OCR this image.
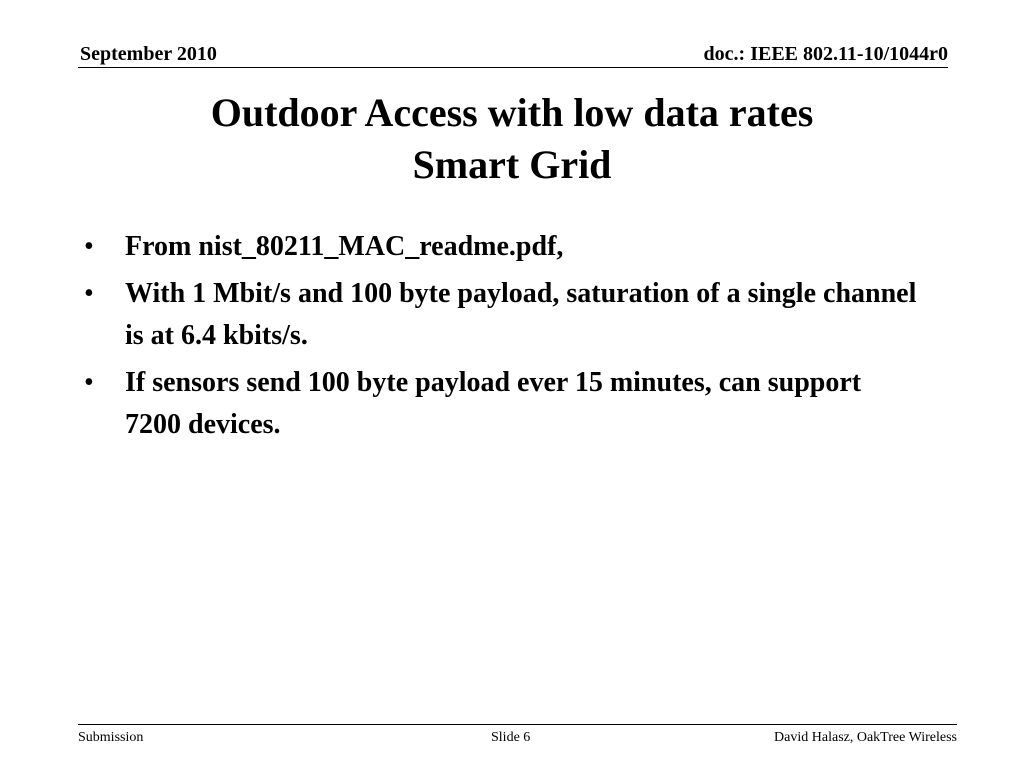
September 2010	doc.: IEEE 802.11-10/1044r0
Outdoor Access with low data rates
Smart Grid
• From nist_80211_MAC_readme.pdf,
• With 1 Mbit/s and 100 byte payload, saturation of a single channel is at 6.4 kbits/s.
• If sensors send 100 byte payload ever 15 minutes, can support 7200 devices.
Submission	Slide 6	David Halasz, OakTree Wireless
